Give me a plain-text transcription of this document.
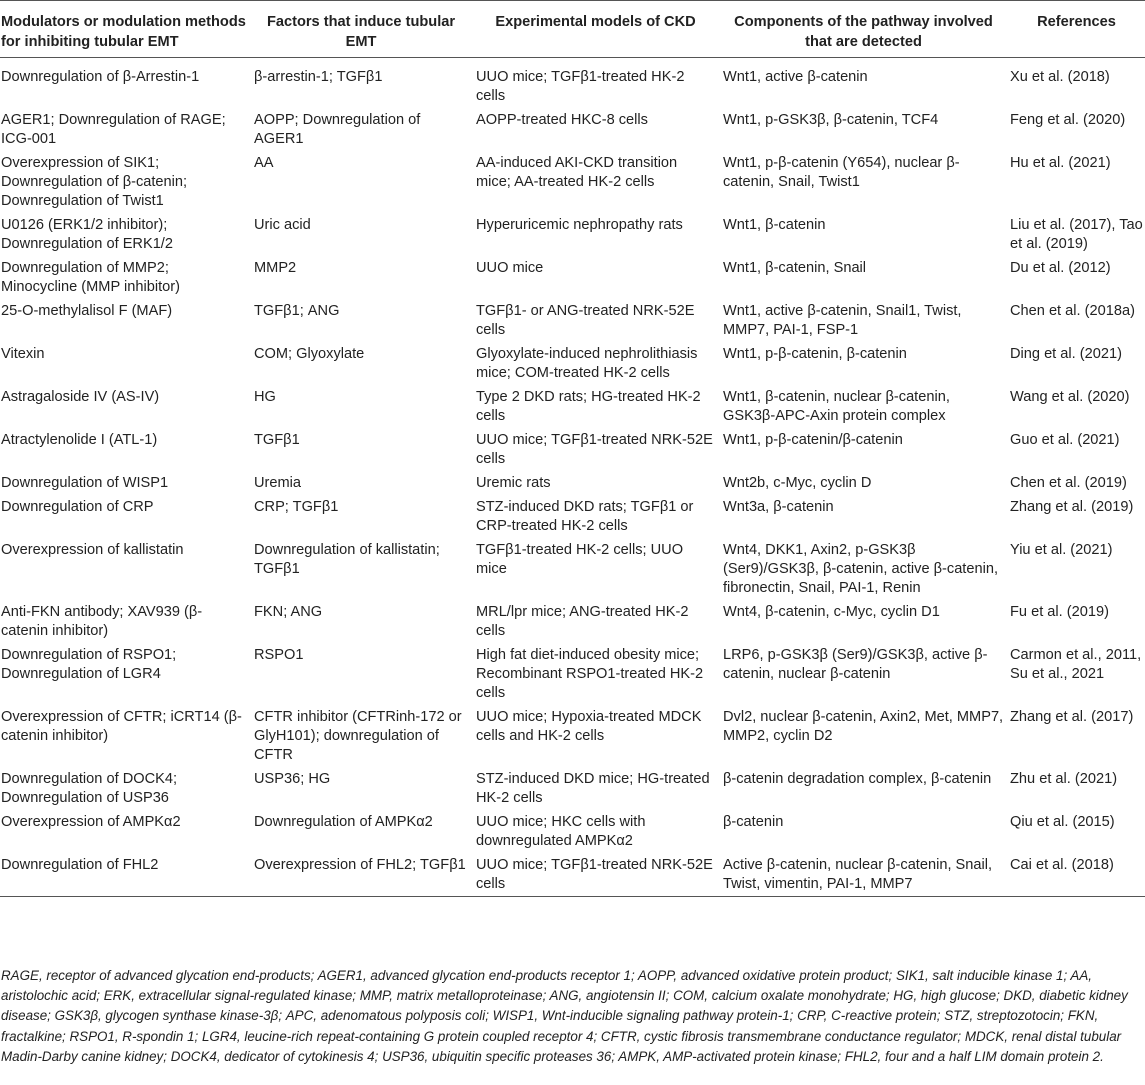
Modulators or modulation methods for inhibiting tubular EMT	Factors that induce tubular EMT	Experimental models of CKD	Components of the pathway involved that are detected	References
Downregulation of β-Arrestin-1	β-arrestin-1; TGFβ1	UUO mice; TGFβ1-treated HK-2 cells	Wnt1, active β-catenin	Xu et al. (2018)
AGER1; Downregulation of RAGE; ICG-001	AOPP; Downregulation of AGER1	AOPP-treated HKC-8 cells	Wnt1, p-GSK3β, β-catenin, TCF4	Feng et al. (2020)
Overexpression of SIK1; Downregulation of β-catenin; Downregulation of Twist1	AA	AA-induced AKI-CKD transition mice; AA-treated HK-2 cells	Wnt1, p-β-catenin (Y654), nuclear β-catenin, Snail, Twist1	Hu et al. (2021)
U0126 (ERK1/2 inhibitor); Downregulation of ERK1/2	Uric acid	Hyperuricemic nephropathy rats	Wnt1, β-catenin	Liu et al. (2017), Tao et al. (2019)
Downregulation of MMP2; Minocycline (MMP inhibitor)	MMP2	UUO mice	Wnt1, β-catenin, Snail	Du et al. (2012)
25-O-methylalisol F (MAF)	TGFβ1; ANG	TGFβ1- or ANG-treated NRK-52E cells	Wnt1, active β-catenin, Snail1, Twist, MMP7, PAI-1, FSP-1	Chen et al. (2018a)
Vitexin	COM; Glyoxylate	Glyoxylate-induced nephrolithiasis mice; COM-treated HK-2 cells	Wnt1, p-β-catenin, β-catenin	Ding et al. (2021)
Astragaloside IV (AS-IV)	HG	Type 2 DKD rats; HG-treated HK-2 cells	Wnt1, β-catenin, nuclear β-catenin, GSK3β-APC-Axin protein complex	Wang et al. (2020)
Atractylenolide I (ATL-1)	TGFβ1	UUO mice; TGFβ1-treated NRK-52E cells	Wnt1, p-β-catenin/β-catenin	Guo et al. (2021)
Downregulation of WISP1	Uremia	Uremic rats	Wnt2b, c-Myc, cyclin D	Chen et al. (2019)
Downregulation of CRP	CRP; TGFβ1	STZ-induced DKD rats; TGFβ1 or CRP-treated HK-2 cells	Wnt3a, β-catenin	Zhang et al. (2019)
Overexpression of kallistatin	Downregulation of kallistatin; TGFβ1	TGFβ1-treated HK-2 cells; UUO mice	Wnt4, DKK1, Axin2, p-GSK3β (Ser9)/GSK3β, β-catenin, active β-catenin, fibronectin, Snail, PAI-1, Renin	Yiu et al. (2021)
Anti-FKN antibody; XAV939 (β-catenin inhibitor)	FKN; ANG	MRL/lpr mice; ANG-treated HK-2 cells	Wnt4, β-catenin, c-Myc, cyclin D1	Fu et al. (2019)
Downregulation of RSPO1; Downregulation of LGR4	RSPO1	High fat diet-induced obesity mice; Recombinant RSPO1-treated HK-2 cells	LRP6, p-GSK3β (Ser9)/GSK3β, active β-catenin, nuclear β-catenin	Carmon et al., 2011, Su et al., 2021
Overexpression of CFTR; iCRT14 (β-catenin inhibitor)	CFTR inhibitor (CFTRinh-172 or GlyH101); downregulation of CFTR	UUO mice; Hypoxia-treated MDCK cells and HK-2 cells	Dvl2, nuclear β-catenin, Axin2, Met, MMP7, MMP2, cyclin D2	Zhang et al. (2017)
Downregulation of DOCK4; Downregulation of USP36	USP36; HG	STZ-induced DKD mice; HG-treated HK-2 cells	β-catenin degradation complex, β-catenin	Zhu et al. (2021)
Overexpression of AMPKα2	Downregulation of AMPKα2	UUO mice; HKC cells with downregulated AMPKα2	β-catenin	Qiu et al. (2015)
Downregulation of FHL2	Overexpression of FHL2; TGFβ1	UUO mice; TGFβ1-treated NRK-52E cells	Active β-catenin, nuclear β-catenin, Snail, Twist, vimentin, PAI-1, MMP7	Cai et al. (2018)
RAGE, receptor of advanced glycation end-products; AGER1, advanced glycation end-products receptor 1; AOPP, advanced oxidative protein product; SIK1, salt inducible kinase 1; AA, aristolochic acid; ERK, extracellular signal-regulated kinase; MMP, matrix metalloproteinase; ANG, angiotensin II; COM, calcium oxalate monohydrate; HG, high glucose; DKD, diabetic kidney disease; GSK3β, glycogen synthase kinase-3β; APC, adenomatous polyposis coli; WISP1, Wnt-inducible signaling pathway protein-1; CRP, C-reactive protein; STZ, streptozotocin; FKN, fractalkine; RSPO1, R-spondin 1; LGR4, leucine-rich repeat-containing G protein coupled receptor 4; CFTR, cystic fibrosis transmembrane conductance regulator; MDCK, renal distal tubular Madin-Darby canine kidney; DOCK4, dedicator of cytokinesis 4; USP36, ubiquitin specific proteases 36; AMPK, AMP-activated protein kinase; FHL2, four and a half LIM domain protein 2.
